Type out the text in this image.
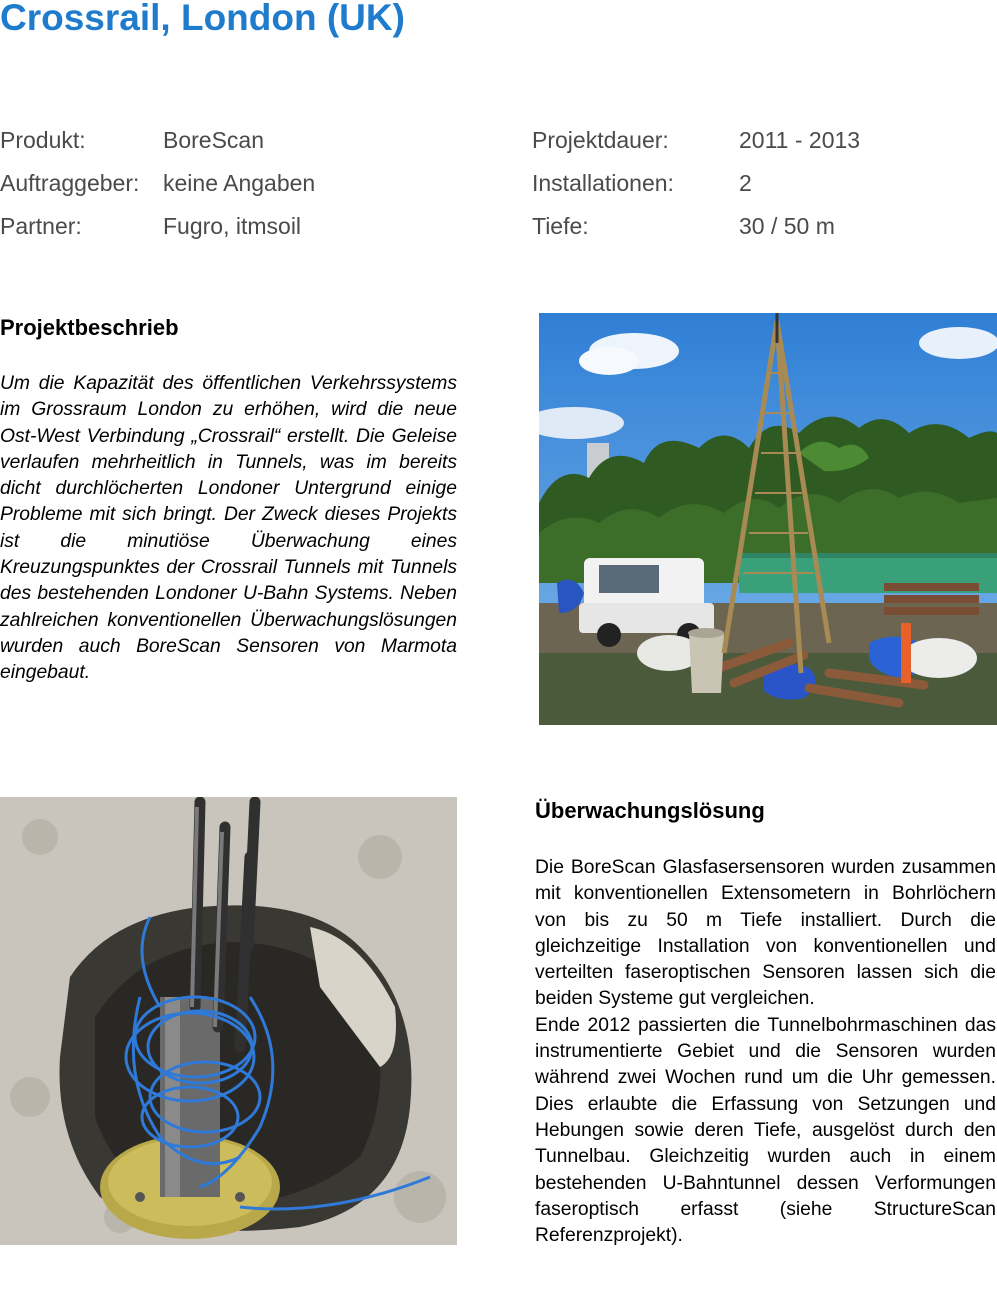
Crossrail, London (UK)
Produkt:	BoreScan
Auftraggeber: keine Angaben
Partner:	Fugro, itmsoil
Projektdauer:	2011 - 2013
Installationen:	2
Tiefe:	30 / 50 m
Projektbeschrieb

Um die Kapazität des öffentlichen Verkehrssystems im Grossraum London zu erhöhen, wird die neue Ost-West Verbindung „Crossrail“ erstellt. Die Geleise verlaufen mehrheitlich in Tunnels, was im bereits dicht durchlöcherten Londoner Untergrund einige Probleme mit sich bringt. Der Zweck dieses Projekts ist die minutiöse Überwachung eines Kreuzungspunktes der Crossrail Tunnels mit Tunnels des bestehenden Londoner U-Bahn Systems. Neben zahlreichen konventionellen Überwachungslösungen wurden auch BoreScan Sensoren von Marmota eingebaut.

Überwachungslösung

Die BoreScan Glasfasersensoren wurden zusammen mit konventionellen Extensometern in Bohrlöchern von bis zu 50 m Tiefe installiert. Durch die gleichzeitige Installation von konventionellen und verteilten faseroptischen Sensoren lassen sich die beiden Systeme gut vergleichen.

Ende 2012 passierten die Tunnelbohrmaschinen das instrumentierte Gebiet und die Sensoren wurden während zwei Wochen rund um die Uhr gemessen. Dies erlaubte die Erfassung von Setzungen und Hebungen sowie deren Tiefe, ausgelöst durch den Tunnelbau. Gleichzeitig wurden auch in einem bestehenden U-Bahntunnel dessen Verformungen faseroptisch erfasst (siehe StructureScan Referenzprojekt).
